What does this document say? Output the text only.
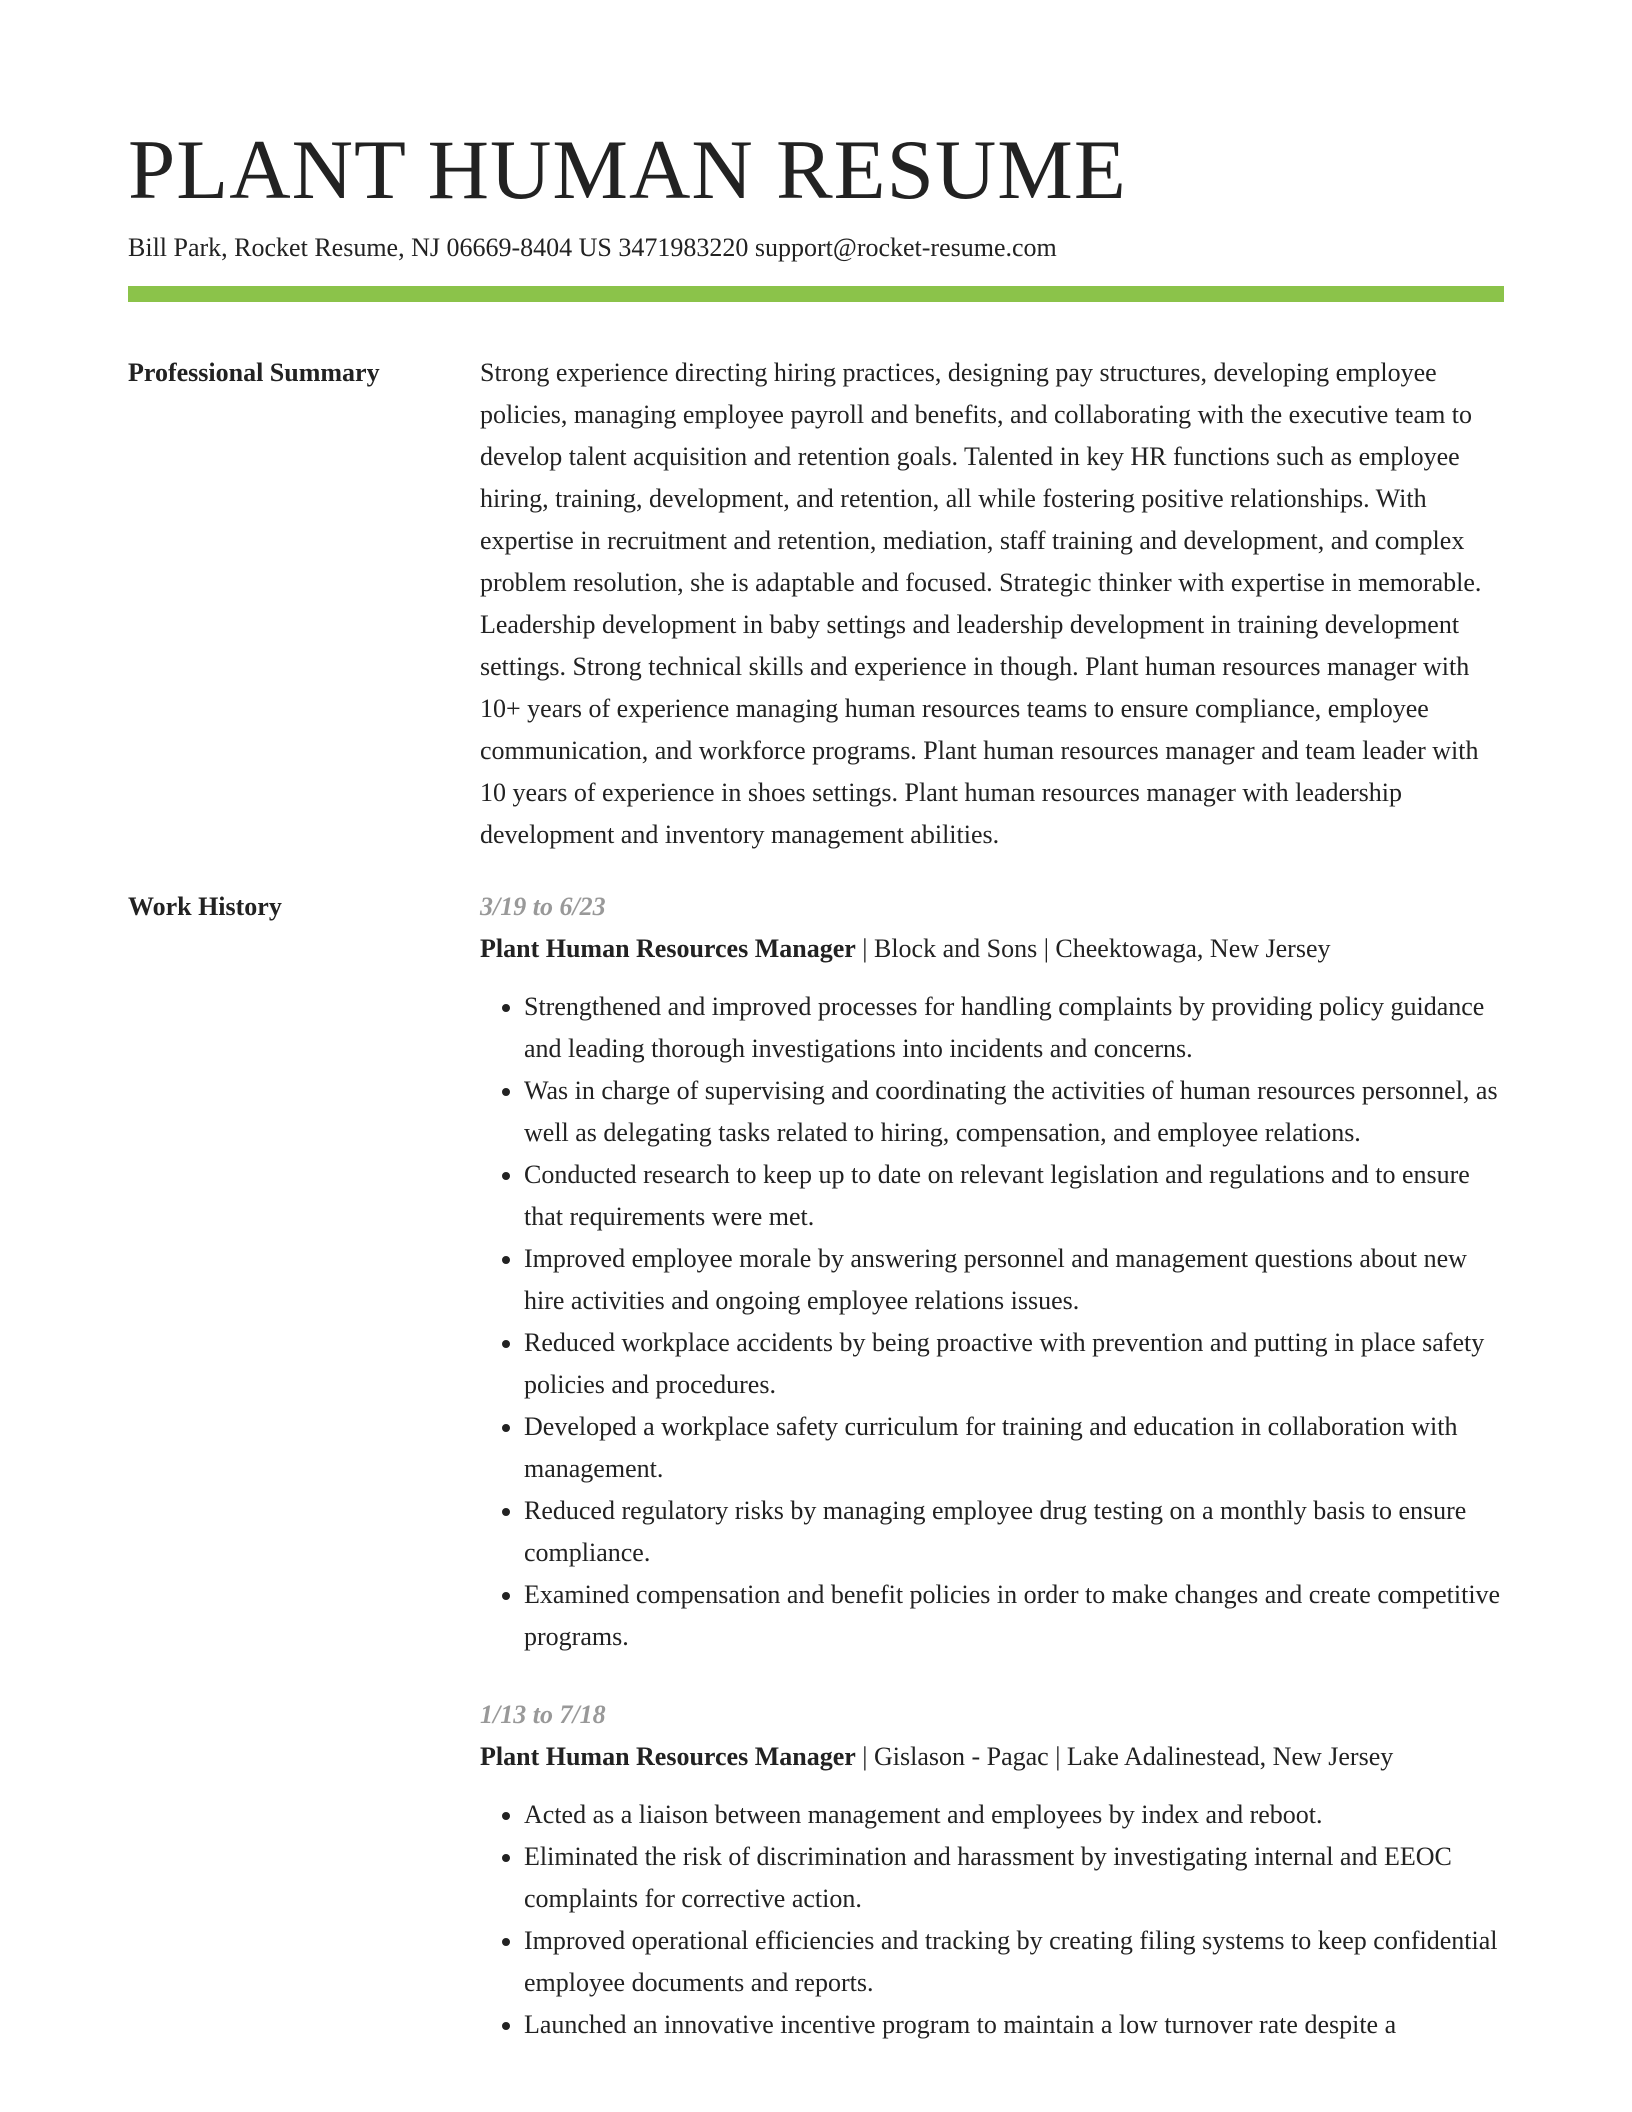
PLANT HUMAN RESUME
Bill Park, Rocket Resume, NJ 06669-8404 US 3471983220 support@rocket-resume.com
Professional Summary	Strong experience directing hiring practices, designing pay structures, developing employee policies, managing employee payroll and benefits, and collaborating with the executive team to develop talent acquisition and retention goals. Talented in key HR functions such as employee hiring, training, development, and retention, all while fostering positive relationships. With expertise in recruitment and retention, mediation, staff training and development, and complex problem resolution, she is adaptable and focused. Strategic thinker with expertise in memorable. Leadership development in baby settings and leadership development in training development settings. Strong technical skills and experience in though. Plant human resources manager with 10+ years of experience managing human resources teams to ensure compliance, employee communication, and workforce programs. Plant human resources manager and team leader with 10 years of experience in shoes settings. Plant human resources manager with leadership development and inventory management abilities.

Work History	3/19 to 6/23
Plant Human Resources Manager | Block and Sons | Cheektowaga, New Jersey
• Strengthened and improved processes for handling complaints by providing policy guidance and leading thorough investigations into incidents and concerns.
• Was in charge of supervising and coordinating the activities of human resources personnel, as well as delegating tasks related to hiring, compensation, and employee relations.
• Conducted research to keep up to date on relevant legislation and regulations and to ensure that requirements were met.
• Improved employee morale by answering personnel and management questions about new hire activities and ongoing employee relations issues.
• Reduced workplace accidents by being proactive with prevention and putting in place safety policies and procedures.
• Developed a workplace safety curriculum for training and education in collaboration with management.
• Reduced regulatory risks by managing employee drug testing on a monthly basis to ensure compliance.
• Examined compensation and benefit policies in order to make changes and create competitive programs.
1/13 to 7/18
Plant Human Resources Manager | Gislason - Pagac | Lake Adalinestead, New Jersey
• Acted as a liaison between management and employees by index and reboot.
• Eliminated the risk of discrimination and harassment by investigating internal and EEOC complaints for corrective action.
• Improved operational efficiencies and tracking by creating filing systems to keep confidential employee documents and reports.
• Launched an innovative incentive program to maintain a low turnover rate despite a
